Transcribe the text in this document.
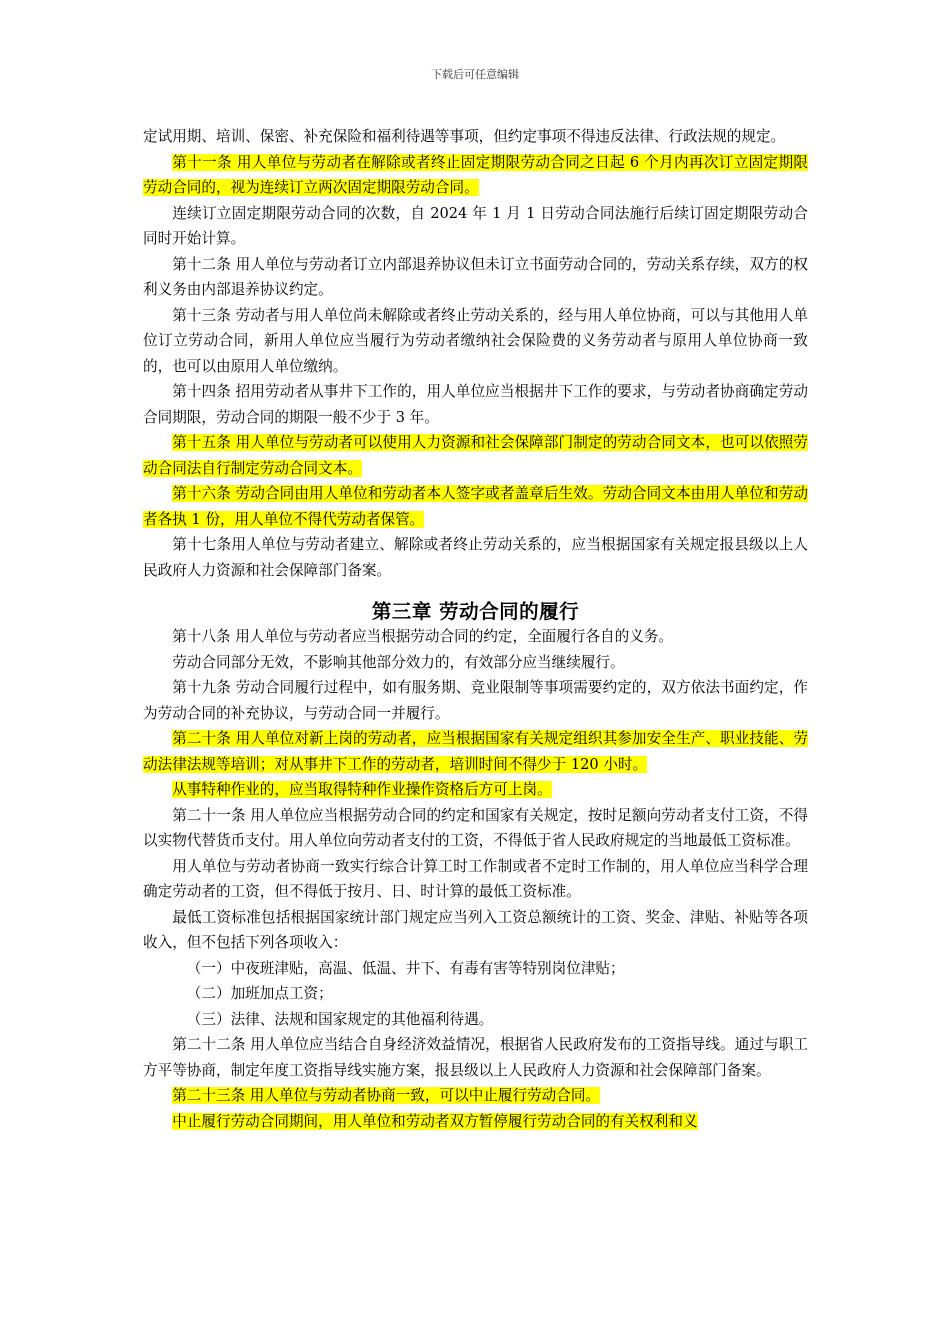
下载后可任意编辑

定试用期、培训、保密、补充保险和福利待遇等事项，但约定事项不得违反法律、行政法规的规定。

第十一条 用人单位与劳动者在解除或者终止固定期限劳动合同之日起 6 个月内再次订立固定期限劳动合同的，视为连续订立两次固定期限劳动合同。

连续订立固定期限劳动合同的次数，自 2024 年 1 月 1 日劳动合同法施行后续订固定期限劳动合同时开始计算。

第十二条 用人单位与劳动者订立内部退养协议但未订立书面劳动合同的，劳动关系存续，双方的权利义务由内部退养协议约定。

第十三条 劳动者与用人单位尚未解除或者终止劳动关系的，经与用人单位协商，可以与其他用人单位订立劳动合同，新用人单位应当履行为劳动者缴纳社会保险费的义务劳动者与原用人单位协商一致的，也可以由原用人单位缴纳。

第十四条 招用劳动者从事井下工作的，用人单位应当根据井下工作的要求，与劳动者协商确定劳动合同期限，劳动合同的期限一般不少于 3 年。

第十五条 用人单位与劳动者可以使用人力资源和社会保障部门制定的劳动合同文本，也可以依照劳动合同法自行制定劳动合同文本。

第十六条 劳动合同由用人单位和劳动者本人签字或者盖章后生效。劳动合同文本由用人单位和劳动者各执 1 份，用人单位不得代劳动者保管。

第十七条用人单位与劳动者建立、解除或者终止劳动关系的，应当根据国家有关规定报县级以上人民政府人力资源和社会保障部门备案。

第三章 劳动合同的履行

第十八条 用人单位与劳动者应当根据劳动合同的约定，全面履行各自的义务。

劳动合同部分无效，不影响其他部分效力的，有效部分应当继续履行。

第十九条 劳动合同履行过程中，如有服务期、竞业限制等事项需要约定的，双方依法书面约定，作为劳动合同的补充协议，与劳动合同一并履行。

第二十条 用人单位对新上岗的劳动者，应当根据国家有关规定组织其参加安全生产、职业技能、劳动法律法规等培训；对从事井下工作的劳动者，培训时间不得少于 120 小时。

从事特种作业的，应当取得特种作业操作资格后方可上岗。

第二十一条 用人单位应当根据劳动合同的约定和国家有关规定，按时足额向劳动者支付工资，不得以实物代替货币支付。用人单位向劳动者支付的工资，不得低于省人民政府规定的当地最低工资标准。

用人单位与劳动者协商一致实行综合计算工时工作制或者不定时工作制的，用人单位应当科学合理确定劳动者的工资，但不得低于按月、日、时计算的最低工资标准。

最低工资标准包括根据国家统计部门规定应当列入工资总额统计的工资、奖金、津贴、补贴等各项收入，但不包括下列各项收入：

（一）中夜班津贴，高温、低温、井下、有毒有害等特别岗位津贴；

（二）加班加点工资；

（三）法律、法规和国家规定的其他福利待遇。

第二十二条 用人单位应当结合自身经济效益情况，根据省人民政府发布的工资指导线。通过与职工方平等协商，制定年度工资指导线实施方案，报县级以上人民政府人力资源和社会保障部门备案。

第二十三条 用人单位与劳动者协商一致，可以中止履行劳动合同。

中止履行劳动合同期间，用人单位和劳动者双方暂停履行劳动合同的有关权利和义
